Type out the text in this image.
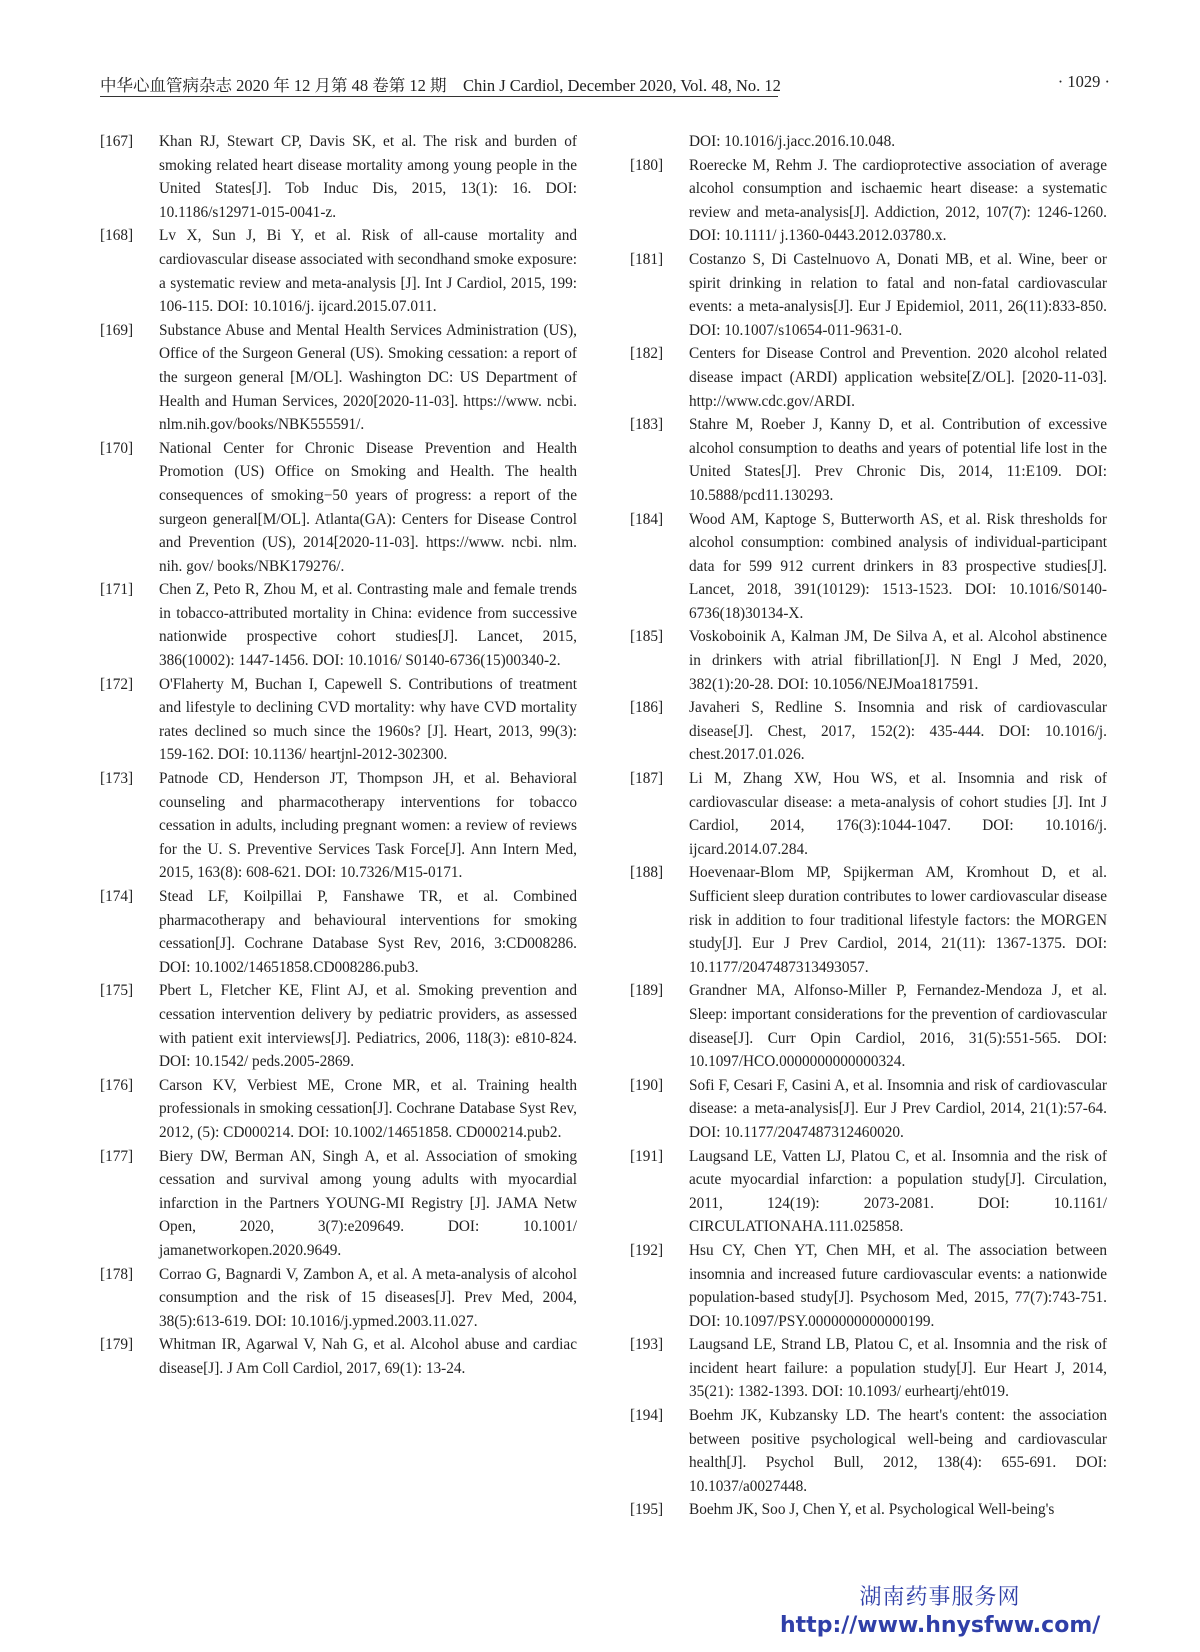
中华心血管病杂志 2020 年 12 月第 48 卷第 12 期　Chin J Cardiol, December 2020, Vol. 48, No. 12	· 1029 ·
[167] Khan RJ, Stewart CP, Davis SK, et al. The risk and burden of smoking related heart disease mortality among young people in the United States[J]. Tob Induc Dis, 2015, 13(1): 16. DOI: 10.1186/s12971-015-0041-z.
[168] Lv X, Sun J, Bi Y, et al. Risk of all-cause mortality and cardiovascular disease associated with secondhand smoke exposure: a systematic review and meta-analysis [J]. Int J Cardiol, 2015, 199: 106-115. DOI: 10.1016/j. ijcard.2015.07.011.
[169] Substance Abuse and Mental Health Services Administration (US), Office of the Surgeon General (US). Smoking cessation: a report of the surgeon general [M/OL]. Washington DC: US Department of Health and Human Services, 2020[2020-11-03]. https://www. ncbi. nlm.nih.gov/books/NBK555591/.
[170] National Center for Chronic Disease Prevention and Health Promotion (US) Office on Smoking and Health. The health consequences of smoking−50 years of progress: a report of the surgeon general[M/OL]. Atlanta(GA): Centers for Disease Control and Prevention (US), 2014[2020-11-03]. https://www. ncbi. nlm. nih. gov/ books/NBK179276/.
[171] Chen Z, Peto R, Zhou M, et al. Contrasting male and female trends in tobacco-attributed mortality in China: evidence from successive nationwide prospective cohort studies[J]. Lancet, 2015, 386(10002): 1447-1456. DOI: 10.1016/ S0140-6736(15)00340-2.
[172] O'Flaherty M, Buchan I, Capewell S. Contributions of treatment and lifestyle to declining CVD mortality: why have CVD mortality rates declined so much since the 1960s? [J]. Heart, 2013, 99(3): 159-162. DOI: 10.1136/ heartjnl-2012-302300.
[173] Patnode CD, Henderson JT, Thompson JH, et al. Behavioral counseling and pharmacotherapy interventions for tobacco cessation in adults, including pregnant women: a review of reviews for the U. S. Preventive Services Task Force[J]. Ann Intern Med, 2015, 163(8): 608-621. DOI: 10.7326/M15-0171.
[174] Stead LF, Koilpillai P, Fanshawe TR, et al. Combined pharmacotherapy and behavioural interventions for smoking cessation[J]. Cochrane Database Syst Rev, 2016, 3:CD008286. DOI: 10.1002/14651858.CD008286.pub3.
[175] Pbert L, Fletcher KE, Flint AJ, et al. Smoking prevention and cessation intervention delivery by pediatric providers, as assessed with patient exit interviews[J]. Pediatrics, 2006, 118(3): e810-824. DOI: 10.1542/ peds.2005-2869.
[176] Carson KV, Verbiest ME, Crone MR, et al. Training health professionals in smoking cessation[J]. Cochrane Database Syst Rev, 2012, (5): CD000214. DOI: 10.1002/14651858. CD000214.pub2.
[177] Biery DW, Berman AN, Singh A, et al. Association of smoking cessation and survival among young adults with myocardial infarction in the Partners YOUNG-MI Registry [J]. JAMA Netw Open, 2020, 3(7):e209649. DOI: 10.1001/ jamanetworkopen.2020.9649.
[178] Corrao G, Bagnardi V, Zambon A, et al. A meta-analysis of alcohol consumption and the risk of 15 diseases[J]. Prev Med, 2004, 38(5):613-619. DOI: 10.1016/j.ypmed.2003.11.027.
[179] Whitman IR, Agarwal V, Nah G, et al. Alcohol abuse and cardiac disease[J]. J Am Coll Cardiol, 2017, 69(1): 13-24.
DOI: 10.1016/j.jacc.2016.10.048.
[180] Roerecke M, Rehm J. The cardioprotective association of average alcohol consumption and ischaemic heart disease: a systematic review and meta-analysis[J]. Addiction, 2012, 107(7): 1246-1260. DOI: 10.1111/ j.1360-0443.2012.03780.x.
[181] Costanzo S, Di Castelnuovo A, Donati MB, et al. Wine, beer or spirit drinking in relation to fatal and non-fatal cardiovascular events: a meta-analysis[J]. Eur J Epidemiol, 2011, 26(11):833-850. DOI: 10.1007/s10654-011-9631-0.
[182] Centers for Disease Control and Prevention. 2020 alcohol related disease impact (ARDI) application website[Z/OL]. [2020-11-03]. http://www.cdc.gov/ARDI.
[183] Stahre M, Roeber J, Kanny D, et al. Contribution of excessive alcohol consumption to deaths and years of potential life lost in the United States[J]. Prev Chronic Dis, 2014, 11:E109. DOI: 10.5888/pcd11.130293.
[184] Wood AM, Kaptoge S, Butterworth AS, et al. Risk thresholds for alcohol consumption: combined analysis of individual-participant data for 599 912 current drinkers in 83 prospective studies[J]. Lancet, 2018, 391(10129): 1513-1523. DOI: 10.1016/S0140-6736(18)30134-X.
[185] Voskoboinik A, Kalman JM, De Silva A, et al. Alcohol abstinence in drinkers with atrial fibrillation[J]. N Engl J Med, 2020, 382(1):20-28. DOI: 10.1056/NEJMoa1817591.
[186] Javaheri S, Redline S. Insomnia and risk of cardiovascular disease[J]. Chest, 2017, 152(2): 435-444. DOI: 10.1016/j. chest.2017.01.026.
[187] Li M, Zhang XW, Hou WS, et al. Insomnia and risk of cardiovascular disease: a meta-analysis of cohort studies [J]. Int J Cardiol, 2014, 176(3):1044-1047. DOI: 10.1016/j. ijcard.2014.07.284.
[188] Hoevenaar-Blom MP, Spijkerman AM, Kromhout D, et al. Sufficient sleep duration contributes to lower cardiovascular disease risk in addition to four traditional lifestyle factors: the MORGEN study[J]. Eur J Prev Cardiol, 2014, 21(11): 1367-1375. DOI: 10.1177/2047487313493057.
[189] Grandner MA, Alfonso-Miller P, Fernandez-Mendoza J, et al. Sleep: important considerations for the prevention of cardiovascular disease[J]. Curr Opin Cardiol, 2016, 31(5):551-565. DOI: 10.1097/HCO.0000000000000324.
[190] Sofi F, Cesari F, Casini A, et al. Insomnia and risk of cardiovascular disease: a meta-analysis[J]. Eur J Prev Cardiol, 2014, 21(1):57-64. DOI: 10.1177/2047487312460020.
[191] Laugsand LE, Vatten LJ, Platou C, et al. Insomnia and the risk of acute myocardial infarction: a population study[J]. Circulation, 2011, 124(19): 2073-2081. DOI: 10.1161/ CIRCULATIONAHA.111.025858.
[192] Hsu CY, Chen YT, Chen MH, et al. The association between insomnia and increased future cardiovascular events: a nationwide population-based study[J]. Psychosom Med, 2015, 77(7):743-751. DOI: 10.1097/PSY.0000000000000199.
[193] Laugsand LE, Strand LB, Platou C, et al. Insomnia and the risk of incident heart failure: a population study[J]. Eur Heart J, 2014, 35(21): 1382-1393. DOI: 10.1093/ eurheartj/eht019.
[194] Boehm JK, Kubzansky LD. The heart's content: the association between positive psychological well-being and cardiovascular health[J]. Psychol Bull, 2012, 138(4): 655-691. DOI: 10.1037/a0027448.
[195] Boehm JK, Soo J, Chen Y, et al. Psychological Well-being's
湖南药事服务网
http://www.hnysfww.com/
